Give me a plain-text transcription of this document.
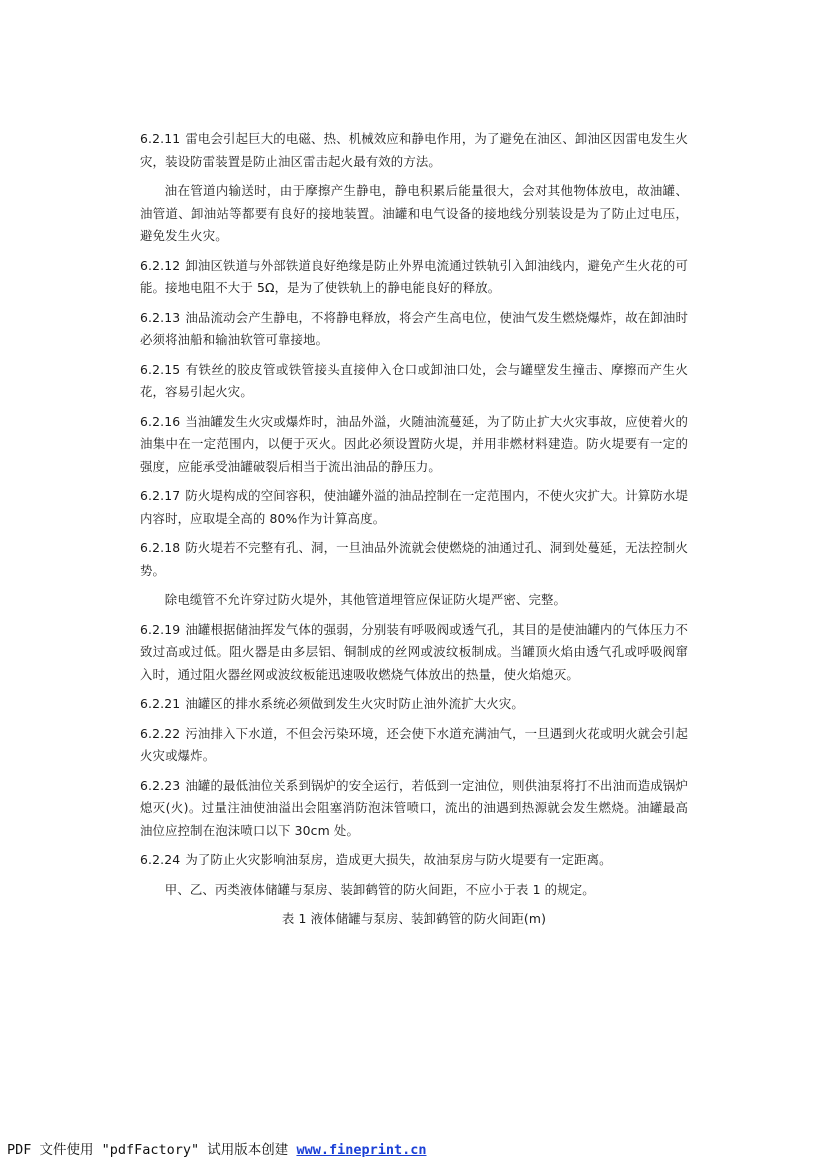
6.2.11 雷电会引起巨大的电磁、热、机械效应和静电作用，为了避免在油区、卸油区因雷电发生火灾，装设防雷装置是防止油区雷击起火最有效的方法。

油在管道内输送时，由于摩擦产生静电，静电积累后能量很大，会对其他物体放电，故油罐、油管道、卸油站等都要有良好的接地装置。油罐和电气设备的接地线分别装设是为了防止过电压，避免发生火灾。

6.2.12 卸油区铁道与外部铁道良好绝缘是防止外界电流通过铁轨引入卸油线内，避免产生火花的可能。接地电阻不大于 5Ω，是为了使铁轨上的静电能良好的释放。

6.2.13 油品流动会产生静电，不将静电释放，将会产生高电位，使油气发生燃烧爆炸，故在卸油时必须将油船和输油软管可靠接地。

6.2.15 有铁丝的胶皮管或铁管接头直接伸入仓口或卸油口处，会与罐壁发生撞击、摩擦而产生火花，容易引起火灾。

6.2.16 当油罐发生火灾或爆炸时，油品外溢，火随油流蔓延，为了防止扩大火灾事故，应使着火的油集中在一定范围内，以便于灭火。因此必须设置防火堤，并用非燃材料建造。防火堤要有一定的强度，应能承受油罐破裂后相当于流出油品的静压力。

6.2.17 防火堤构成的空间容积，使油罐外溢的油品控制在一定范围内，不使火灾扩大。计算防水堤内容时，应取堤全高的 80%作为计算高度。

6.2.18 防火堤若不完整有孔、洞，一旦油品外流就会使燃烧的油通过孔、洞到处蔓延，无法控制火势。

除电缆管不允许穿过防火堤外，其他管道埋管应保证防火堤严密、完整。

6.2.19 油罐根据储油挥发气体的强弱，分别装有呼吸阀或透气孔，其目的是使油罐内的气体压力不致过高或过低。阻火器是由多层铝、铜制成的丝网或波纹板制成。当罐顶火焰由透气孔或呼吸阀窜入时，通过阻火器丝网或波纹板能迅速吸收燃烧气体放出的热量，使火焰熄灭。

6.2.21 油罐区的排水系统必须做到发生火灾时防止油外流扩大火灾。

6.2.22 污油排入下水道，不但会污染环境，还会使下水道充满油气，一旦遇到火花或明火就会引起火灾或爆炸。

6.2.23 油罐的最低油位关系到锅炉的安全运行，若低到一定油位，则供油泵将打不出油而造成锅炉熄灭(火)。过量注油使油溢出会阻塞消防泡沫管喷口，流出的油遇到热源就会发生燃烧。油罐最高油位应控制在泡沫喷口以下 30cm 处。

6.2.24 为了防止火灾影响油泵房，造成更大损失，故油泵房与防火堤要有一定距离。

甲、乙、丙类液体储罐与泵房、装卸鹤管的防火间距，不应小于表 1 的规定。

表 1 液体储罐与泵房、装卸鹤管的防火间距(m)
PDF 文件使用 "pdfFactory" 试用版本创建 www.fineprint.cn
